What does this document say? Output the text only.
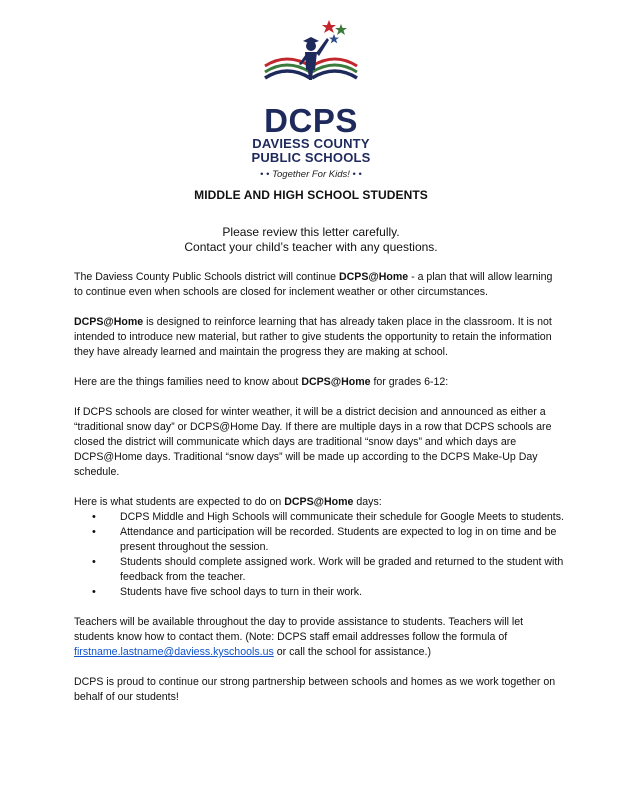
DCPS
DAVIESS COUNTY
PUBLIC SCHOOLS
• • Together For Kids! • •
MIDDLE AND HIGH SCHOOL STUDENTS
Please review this letter carefully.
Contact your child’s teacher with any questions.

The Daviess County Public Schools district will continue DCPS@Home - a plan that will allow learning to continue even when schools are closed for inclement weather or other circumstances.

DCPS@Home is designed to reinforce learning that has already taken place in the classroom. It is not intended to introduce new material, but rather to give students the opportunity to retain the information they have already learned and maintain the progress they are making at school.

Here are the things families need to know about DCPS@Home for grades 6-12:

If DCPS schools are closed for winter weather, it will be a district decision and announced as either a “traditional snow day” or DCPS@Home Day. If there are multiple days in a row that DCPS schools are closed the district will communicate which days are traditional “snow days” and which days are DCPS@Home days. Traditional “snow days” will be made up according to the DCPS Make-Up Day schedule.

Here is what students are expected to do on DCPS@Home days:
• DCPS Middle and High Schools will communicate their schedule for Google Meets to students.
• Attendance and participation will be recorded. Students are expected to log in on time and be present throughout the session.
• Students should complete assigned work. Work will be graded and returned to the student with feedback from the teacher.
• Students have five school days to turn in their work.

Teachers will be available throughout the day to provide assistance to students. Teachers will let students know how to contact them. (Note: DCPS staff email addresses follow the formula of firstname.lastname@daviess.kyschools.us or call the school for assistance.)

DCPS is proud to continue our strong partnership between schools and homes as we work together on behalf of our students!
